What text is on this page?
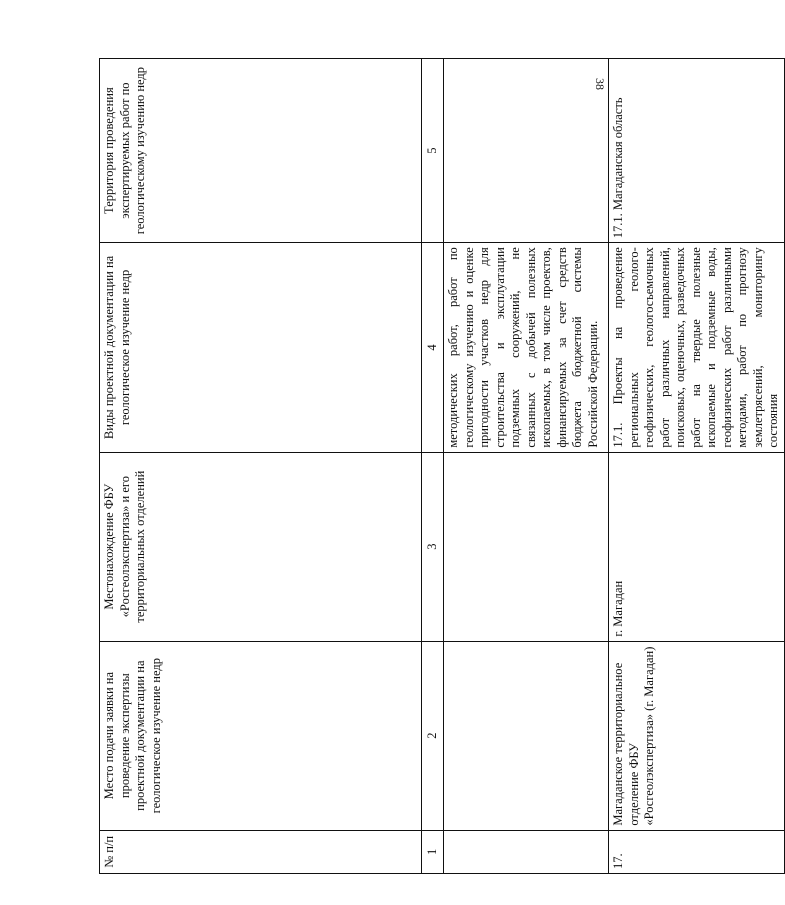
38
№ п/п	Место подачи заявки на проведение экспертизы проектной документации на геологическое изучение недр	Местонахождение ФБУ «Росгеолэкспертиза» и его территориальных отделений	Виды проектной документации на геологическое изучение недр	Территория проведения экспертируемых работ по геологическому изучению недр
1	2	3	4	5
			методических работ, работ по геологическому изучению и оценке пригодности участков недр для строительства и эксплуатации подземных сооружений, не связанных с добычей полезных ископаемых, в том числе проектов, финансируемых за счет средств бюджета бюджетной системы Российской Федерации.	
17.	Магаданское территориальное отделение ФБУ «Росгеолэкспертиза» (г. Магадан)	г. Магадан	17.1. Проекты на проведение региональных геолого-геофизических, геологосъемочных работ различных направлений, поисковых, оценочных, разведочных работ на твердые полезные ископаемые и подземные воды, геофизических работ различными методами, работ по прогнозу землетрясений, мониторингу состояния	17.1. Магаданская область
